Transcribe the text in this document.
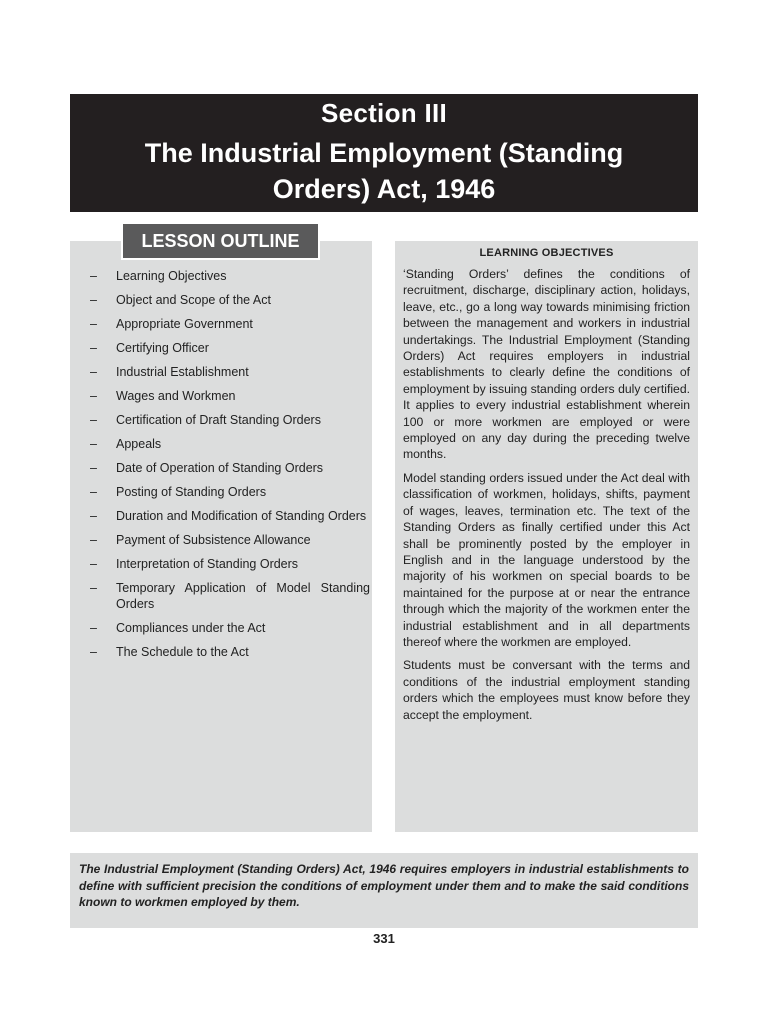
Section III
The Industrial Employment (Standing Orders) Act, 1946
– Learning Objectives
– Object and Scope of the Act
– Appropriate Government
– Certifying Officer
– Industrial Establishment
– Wages and Workmen
– Certification of Draft Standing Orders
– Appeals
– Date of Operation of Standing Orders
– Posting of Standing Orders
– Duration and Modification of Standing Orders
– Payment of Subsistence Allowance
– Interpretation of Standing Orders
– Temporary Application of Model Standing Orders
– Compliances under the Act
– The Schedule to the Act
LESSON OUTLINE
LEARNING OBJECTIVES

‘Standing Orders’ defines the conditions of recruitment, discharge, disciplinary action, holidays, leave, etc., go a long way towards minimising friction between the management and workers in industrial undertakings. The Industrial Employment (Standing Orders) Act requires employers in industrial establishments to clearly define the conditions of employment by issuing standing orders duly certified. It applies to every industrial establishment wherein 100 or more workmen are employed or were employed on any day during the preceding twelve months.

Model standing orders issued under the Act deal with classification of workmen, holidays, shifts, payment of wages, leaves, termination etc. The text of the Standing Orders as finally certified under this Act shall be prominently posted by the employer in English and in the language understood by the majority of his workmen on special boards to be maintained for the purpose at or near the entrance through which the majority of the workmen enter the industrial establishment and in all departments thereof where the workmen are employed.

Students must be conversant with the terms and conditions of the industrial employment standing orders which the employees must know before they accept the employment.

The Industrial Employment (Standing Orders) Act, 1946 requires employers in industrial establishments to define with sufficient precision the conditions of employment under them and to make the said conditions known to workmen employed by them.
331
